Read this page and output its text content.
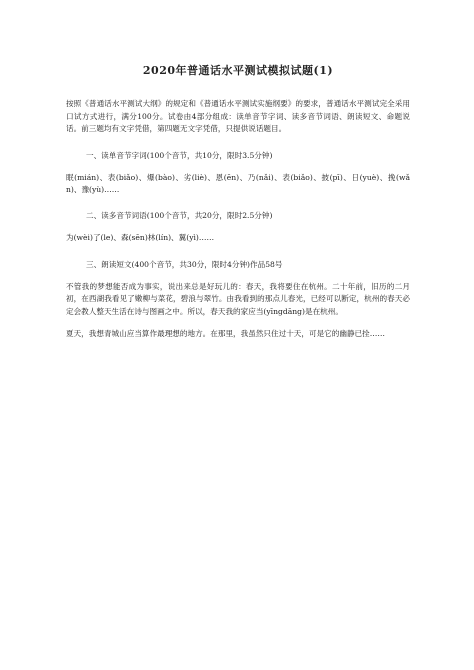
2020年普通话水平测试模拟试题(1)

按照《普通话水平测试大纲》的规定和《普通话水平测试实施纲要》的要求，普通话水平测试完全采用口试方式进行，满分100分。试卷由4部分组成：读单音节字词、读多音节词语、朗读短文、命题说话。前三题均有文字凭借，第四题无文字凭借，只提供说话题目。

一、读单音节字词(100个音节，共10分，限时3.5分钟)

眠(mián)、表(biǎo)、爆(bào)、劣(liè)、恩(ēn)、乃(nǎi)、表(biǎo)、披(pī)、日(yuè)、挽(wǎn)、豫(yù)……

二、读多音节词语(100个音节，共20分，限时2.5分钟)

为(wèi)了(le)、森(sēn)林(lín)、翼(yì)……

三、朗读短文(400个音节，共30分，限时4分钟)作品58号

不管我的梦想能否成为事实，说出来总是好玩儿的：春天，我将要住在杭州。二十年前，旧历的二月初，在西湖我看见了嫩柳与菜花，碧浪与翠竹。由我看到的那点儿春光，已经可以断定，杭州的春天必定会教人整天生活在诗与图画之中。所以，春天我的家应当(yīngdāng)是在杭州。

夏天，我想青城山应当算作最理想的地方。在那里，我虽然只住过十天，可是它的幽静已拴……
